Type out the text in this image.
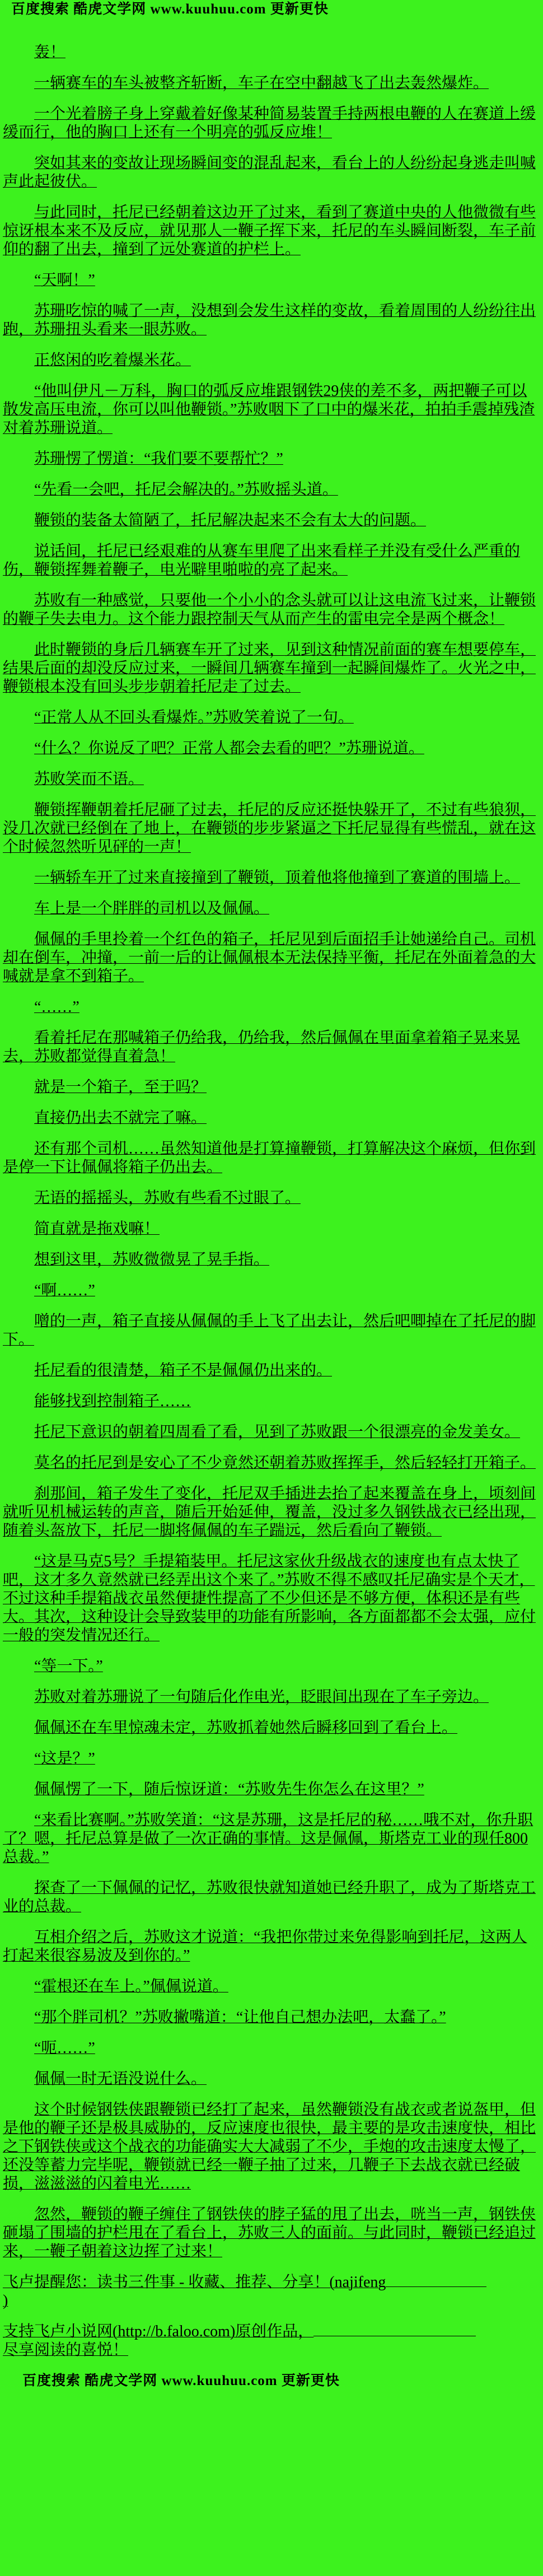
百度搜索 酷虎文学网 www.kuuhuu.com 更新更快

轰！

一辆赛车的车头被整齐斩断，车子在空中翻越飞了出去轰然爆炸。

一个光着膀子身上穿戴着好像某种简易装置手持两根电鞭的人在赛道上缓缓而行，他的胸口上还有一个明亮的弧反应堆！

突如其来的变故让现场瞬间变的混乱起来，看台上的人纷纷起身逃走叫喊声此起彼伏。

与此同时，托尼已经朝着这边开了过来，看到了赛道中央的人他微微有些惊讶根本来不及反应，就见那人一鞭子挥下来，托尼的车头瞬间断裂，车子前仰的翻了出去，撞到了远处赛道的护栏上。

“天啊！”

苏珊吃惊的喊了一声，没想到会发生这样的变故，看着周围的人纷纷往出跑，苏珊扭头看来一眼苏败。

正悠闲的吃着爆米花。

“他叫伊凡－万科，胸口的弧反应堆跟钢铁29侠的差不多，两把鞭子可以散发高压电流，你可以叫他鞭锁。”苏败咽下了口中的爆米花，拍拍手震掉残渣对着苏珊说道。

苏珊愣了愣道：“我们要不要帮忙？”

“先看一会吧，托尼会解决的。”苏败摇头道。

鞭锁的装备太简陋了，托尼解决起来不会有太大的问题。

说话间，托尼已经艰难的从赛车里爬了出来看样子并没有受什么严重的伤，鞭锁挥舞着鞭子，电光噼里啪啦的亮了起来。

苏败有一种感觉，只要他一个小小的念头就可以让这电流飞过来，让鞭锁的鞭子失去电力。这个能力跟控制天气从而产生的雷电完全是两个概念！

此时鞭锁的身后几辆赛车开了过来，见到这种情况前面的赛车想要停车，结果后面的却没反应过来，一瞬间几辆赛车撞到一起瞬间爆炸了。火光之中，鞭锁根本没有回头步步朝着托尼走了过去。

“正常人从不回头看爆炸。”苏败笑着说了一句。

“什么？你说反了吧？正常人都会去看的吧？”苏珊说道。

苏败笑而不语。

鞭锁挥鞭朝着托尼砸了过去，托尼的反应还挺快躲开了，不过有些狼狈，没几次就已经倒在了地上，在鞭锁的步步紧逼之下托尼显得有些慌乱，就在这个时候忽然听见砰的一声！

一辆轿车开了过来直接撞到了鞭锁，顶着他将他撞到了赛道的围墙上。

车上是一个胖胖的司机以及佩佩。

佩佩的手里拎着一个红色的箱子，托尼见到后面招手让她递给自己。司机却在倒车，冲撞，一前一后的让佩佩根本无法保持平衡，托尼在外面着急的大喊就是拿不到箱子。

“……”

看着托尼在那喊箱子仍给我，仍给我，然后佩佩在里面拿着箱子晃来晃去，苏败都觉得直着急！

就是一个箱子，至于吗？

直接仍出去不就完了嘛。

还有那个司机……虽然知道他是打算撞鞭锁，打算解决这个麻烦，但你到是停一下让佩佩将箱子仍出去。

无语的摇摇头，苏败有些看不过眼了。

简直就是拖戏嘛！

想到这里，苏败微微晃了晃手指。

“啊……”

噌的一声，箱子直接从佩佩的手上飞了出去让，然后吧唧掉在了托尼的脚下。

托尼看的很清楚，箱子不是佩佩仍出来的。

能够找到控制箱子……

托尼下意识的朝着四周看了看，见到了苏败跟一个很漂亮的金发美女。

莫名的托尼到是安心了不少竟然还朝着苏败挥挥手，然后轻轻打开箱子。

刹那间，箱子发生了变化，托尼双手插进去抬了起来覆盖在身上，顷刻间就听见机械运转的声音，随后开始延伸，覆盖，没过多久钢铁战衣已经出现，随着头盔放下，托尼一脚将佩佩的车子踹远，然后看向了鞭锁。

“这是马克5号？手提箱装甲。托尼这家伙升级战衣的速度也有点太快了吧，这才多久竟然就已经弄出这个来了。”苏败不得不感叹托尼确实是个天才，不过这种手提箱战衣虽然便捷性提高了不少但还是不够方便，体积还是有些大。其次，这种设计会导致装甲的功能有所影响，各方面都都不会太强，应付一般的突发情况还行。

“等一下。”

苏败对着苏珊说了一句随后化作电光，眨眼间出现在了车子旁边。

佩佩还在车里惊魂未定，苏败抓着她然后瞬移回到了看台上。

“这是？”

佩佩愣了一下，随后惊讶道：“苏败先生你怎么在这里？”

“来看比赛啊。”苏败笑道：“这是苏珊，这是托尼的秘……哦不对，你升职了？嗯，托尼总算是做了一次正确的事情。这是佩佩，斯塔克工业的现任800总裁。”

探查了一下佩佩的记忆，苏败很快就知道她已经升职了，成为了斯塔克工业的总裁。

互相介绍之后，苏败这才说道：“我把你带过来免得影响到托尼，这两人打起来很容易波及到你的。”

“霍根还在车上。”佩佩说道。

“那个胖司机？”苏败撇嘴道：“让他自己想办法吧，太蠢了。”

“呃……”

佩佩一时无语没说什么。

这个时候钢铁侠跟鞭锁已经打了起来，虽然鞭锁没有战衣或者说盔甲，但是他的鞭子还是极具威胁的，反应速度也很快，最主要的是攻击速度快，相比之下钢铁侠或这个战衣的功能确实大大减弱了不少，手炮的攻击速度太慢了，还没等蓄力完毕呢，鞭锁就已经一鞭子抽了过来，几鞭子下去战衣就已经破损，滋滋滋的闪着电光……

忽然，鞭锁的鞭子缠住了钢铁侠的脖子猛的甩了出去，咣当一声，钢铁侠砸塌了围墙的护栏甩在了看台上，苏败三人的面前。与此同时，鞭锁已经追过来，一鞭子朝着这边挥了过来！

飞卢提醒您：读书三件事 - 收藏、推荐、分享！(najifeng
)

支持飞卢小说网(http://b.faloo.com)原创作品，
尽享阅读的喜悦！

百度搜索 酷虎文学网 www.kuuhuu.com 更新更快
